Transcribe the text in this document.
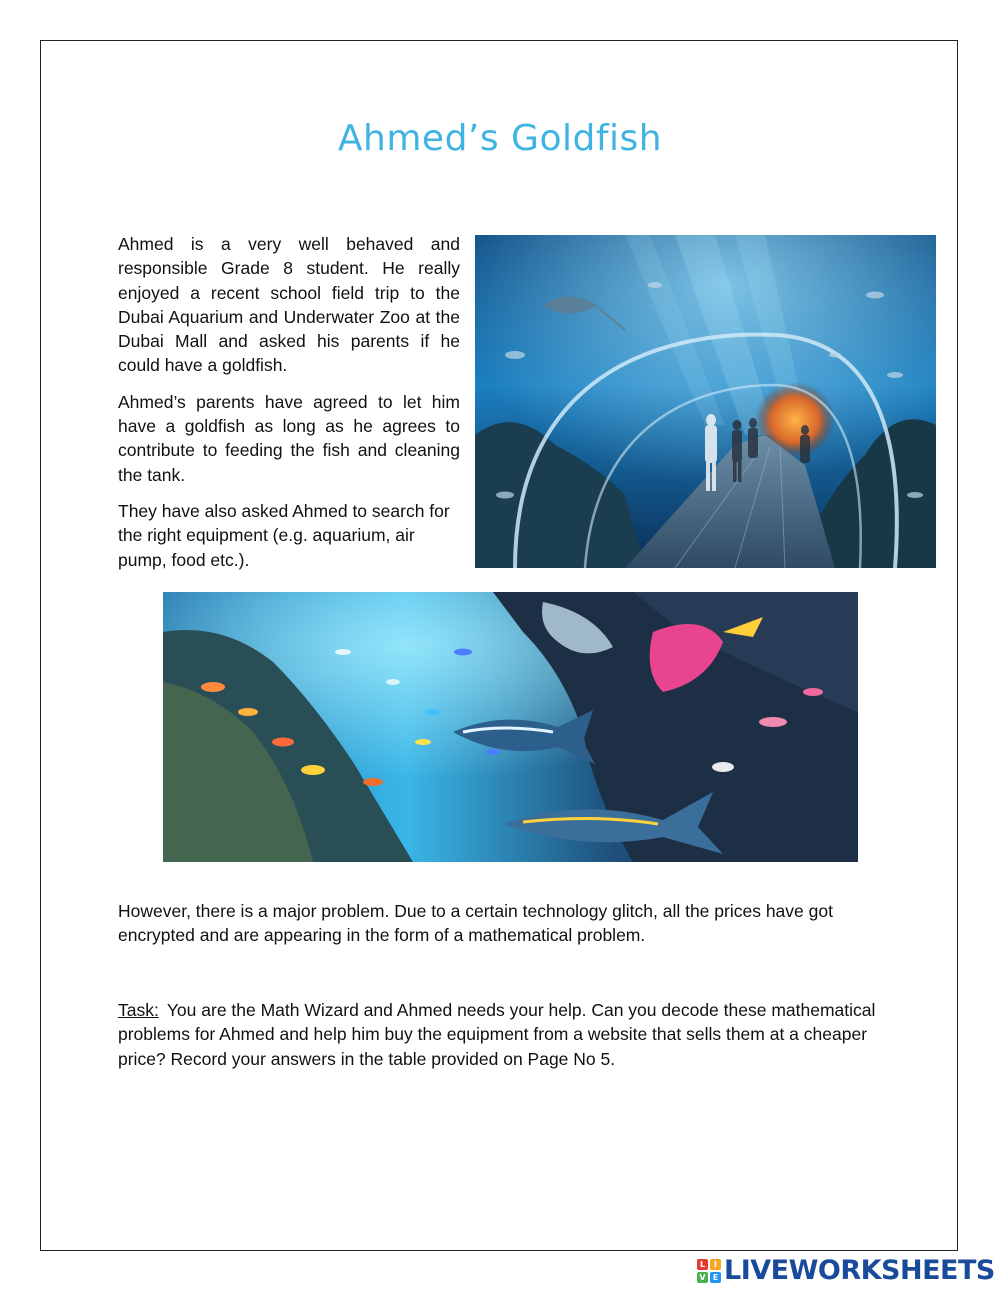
Ahmed’s Goldfish

Ahmed is a very well behaved and responsible Grade 8 student. He really enjoyed a recent school field trip to the Dubai Aquarium and Underwater Zoo at the Dubai Mall and asked his parents if he could have a goldfish.

Ahmed’s parents have agreed to let him have a goldfish as long as he agrees to contribute to feeding the fish and cleaning the tank.

They have also asked Ahmed to search for the right equipment (e.g. aquarium, air pump, food etc.).

However, there is a major problem. Due to a certain technology glitch, all the prices have got encrypted and are appearing in the form of a mathematical problem.

Task: You are the Math Wizard and Ahmed needs your help. Can you decode these mathematical problems for Ahmed and help him buy the equipment from a website that sells them at a cheaper price? Record your answers in the table provided on Page No 5.

L	I
V E LIVEWORKSHEETS
